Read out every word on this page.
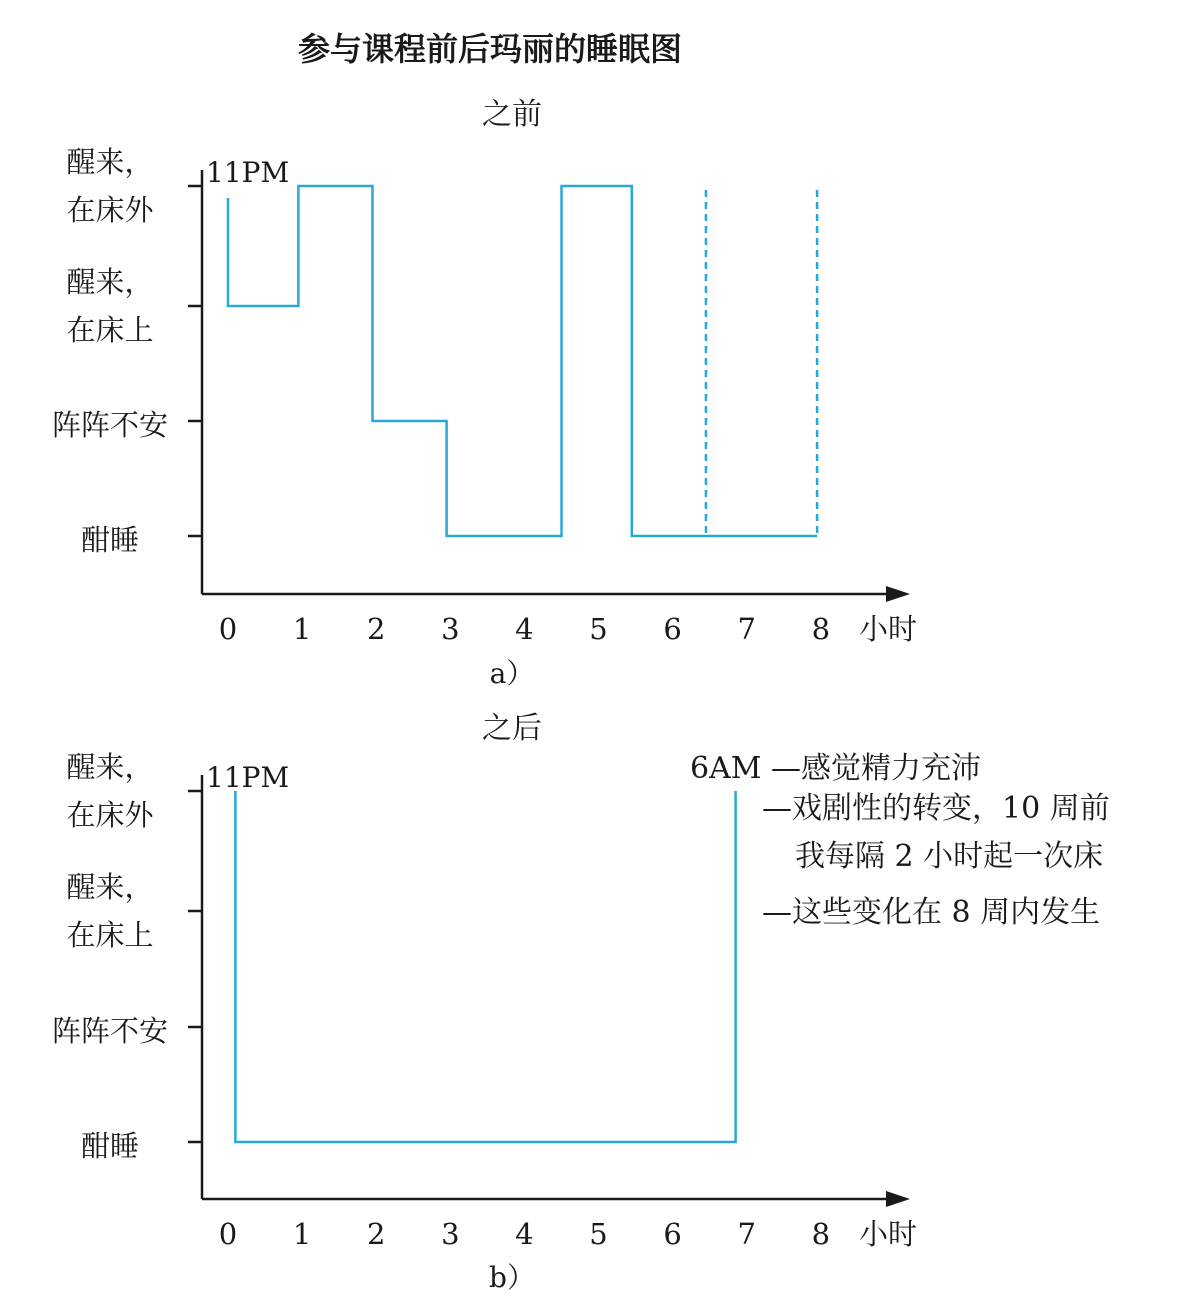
参与课程前后玛丽的睡眠图
之前
醒来，
在床外
醒来，
在床上
阵阵不安
酣睡
0 1 2 3 4 5 6 7 8 小时
a）
11PM
之后
醒来，
在床外
醒来，
在床上
阵阵不安
酣睡
0 1 2 3 4 5 6 7 8 小时
b）
11PM	6AM —感觉精力充沛
—戏剧性的转变，10 周前
我每隔 2 小时起一次床
—这些变化在 8 周内发生
